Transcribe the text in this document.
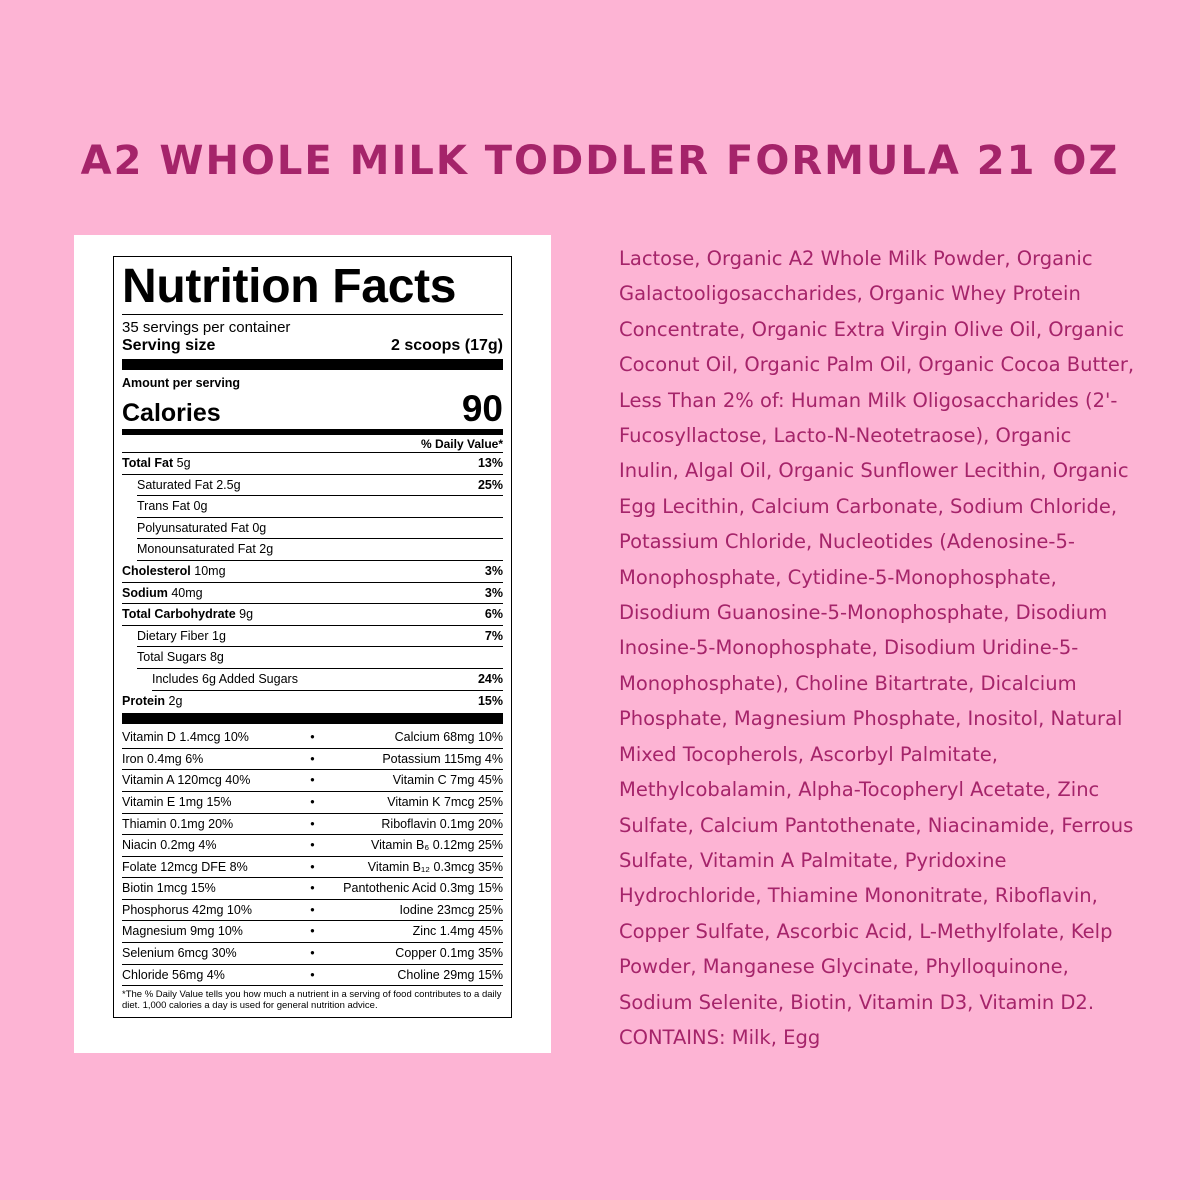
A2 WHOLE MILK TODDLER FORMULA 21 OZ
Nutrition Facts
35 servings per container
Serving size	2 scoops (17g)
Amount per serving
Calories	90
% Daily Value*
Total Fat 5g	13%
Saturated Fat 2.5g	25%
Trans Fat 0g
Polyunsaturated Fat 0g
Monounsaturated Fat 2g
Cholesterol 10mg	3%
Sodium 40mg	3%
Total Carbohydrate 9g	6%
Dietary Fiber 1g	7%
Total Sugars 8g
Includes 6g Added Sugars	24%
Protein 2g	15%
Vitamin D 1.4mcg 10%	•	Calcium 68mg 10%
Iron 0.4mg 6%	•	Potassium 115mg 4%
Vitamin A 120mcg 40%	•	Vitamin C 7mg 45%
Vitamin E 1mg 15%	•	Vitamin K 7mcg 25%
Thiamin 0.1mg 20%	•	Riboflavin 0.1mg 20%
Niacin 0.2mg 4%	•	Vitamin B₆ 0.12mg 25%
Folate 12mcg DFE 8%	•	Vitamin B₁₂ 0.3mcg 35%
Biotin 1mcg 15%	•	Pantothenic Acid 0.3mg 15%
Phosphorus 42mg 10%	•	Iodine 23mcg 25%
Magnesium 9mg 10%	•	Zinc 1.4mg 45%
Selenium 6mcg 30%	•	Copper 0.1mg 35%
Chloride 56mg 4%	•	Choline 29mg 15%
*The % Daily Value tells you how much a nutrient in a serving of food contributes to a daily diet. 1,000 calories a day is used for general nutrition advice.
Lactose, Organic A2 Whole Milk Powder, Organic
Galactooligosaccharides, Organic Whey Protein
Concentrate, Organic Extra Virgin Olive Oil, Organic
Coconut Oil, Organic Palm Oil, Organic Cocoa Butter,
Less Than 2% of: Human Milk Oligosaccharides (2'-
Fucosyllactose, Lacto-N-Neotetraose), Organic
Inulin, Algal Oil, Organic Sunflower Lecithin, Organic
Egg Lecithin, Calcium Carbonate, Sodium Chloride,
Potassium Chloride, Nucleotides (Adenosine-5-
Monophosphate, Cytidine-5-Monophosphate,
Disodium Guanosine-5-Monophosphate, Disodium
Inosine-5-Monophosphate, Disodium Uridine-5-
Monophosphate), Choline Bitartrate, Dicalcium
Phosphate, Magnesium Phosphate, Inositol, Natural
Mixed Tocopherols, Ascorbyl Palmitate,
Methylcobalamin, Alpha-Tocopheryl Acetate, Zinc
Sulfate, Calcium Pantothenate, Niacinamide, Ferrous
Sulfate, Vitamin A Palmitate, Pyridoxine
Hydrochloride, Thiamine Mononitrate, Riboflavin,
Copper Sulfate, Ascorbic Acid, L-Methylfolate, Kelp
Powder, Manganese Glycinate, Phylloquinone,
Sodium Selenite, Biotin, Vitamin D3, Vitamin D2.
CONTAINS: Milk, Egg
